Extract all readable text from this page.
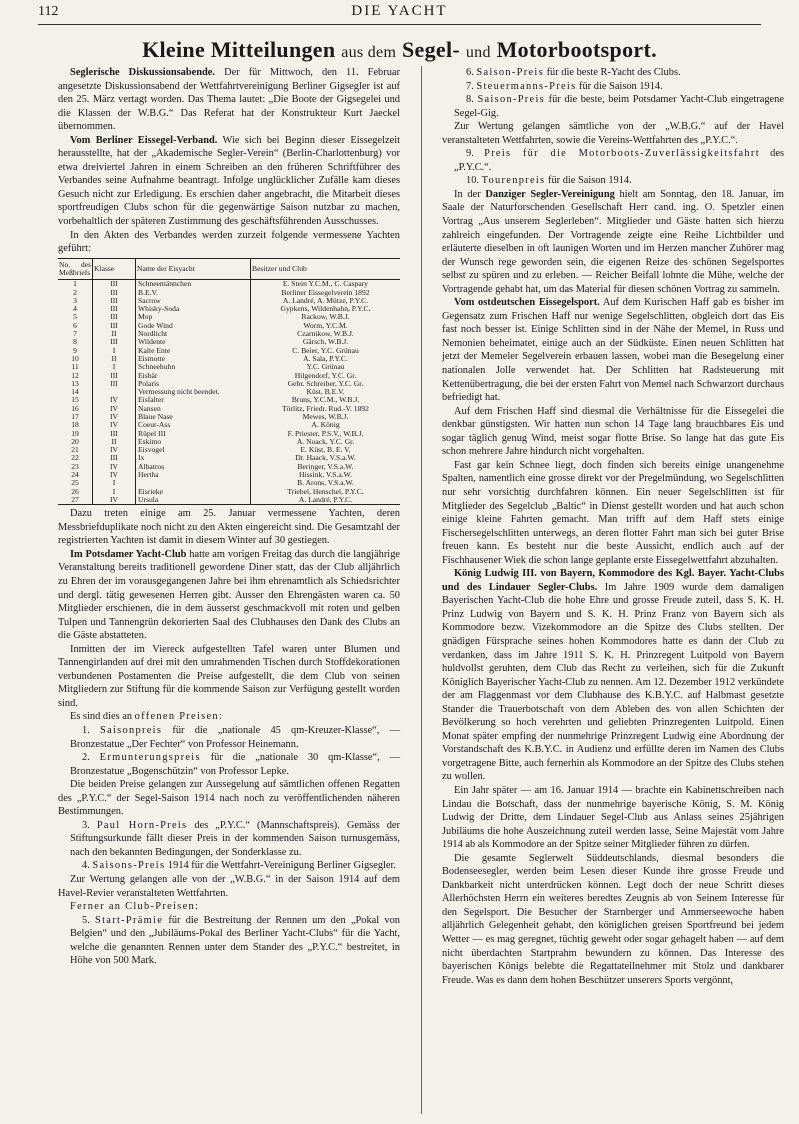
112	DIE YACHT
Kleine Mitteilungen aus dem Segel- und Motorbootsport.

Seglerische Diskussionsabende. Der für Mittwoch, den 11. Februar angesetzte Diskussionsabend der Wettfahrtvereinigung Berliner Gigsegler ist auf den 25. März vertagt worden. Das Thema lautet: „Die Boote der Gigsegelei und die Klassen der W.B.G.“ Das Referat hat der Konstrukteur Kurt Jaeckel übernommen.

Vom Berliner Eissegel-Verband. Wie sich bei Beginn dieser Eissegelzeit herausstellte, hat der „Akademische Segler-Verein“ (Berlin-Charlottenburg) vor etwa dreiviertel Jahren in einem Schreiben an den früheren Schriftführer des Verbandes seine Aufnahme beantragt. Infolge unglücklicher Zufälle kam dieses Gesuch nicht zur Erledigung. Es erschien daher angebracht, die Mitarbeit dieses sportfreudigen Clubs schon für die gegenwärtige Saison nutzbar zu machen, vorbehaltlich der späteren Zustimmung des geschäftsführenden Ausschusses.

In den Akten des Verbandes werden zurzeit folgende vermessene Yachten geführt:

No. des Meßbriefs	Klasse	Name der Eisyacht	Besitzer und Club
1	III	Schneemännchen	E. Stein Y.C.M., C. Caspary
2	III	B.E.V.	Berliner Eissegelverein 1892
3	III	Sacrow	A. Landré, A. Mütze, P.Y.C.
4	III	Whisky-Soda	Gypkens, Wildenhahn, P.Y.C.
5	III	Mop	Rackow, W.B.J.
6	III	Gode Wind	Worm, Y.C.M.
7	II	Nordlicht	Czarnikow, W.B.J.
8	III	Wildente	Gärsch, W.B.J.
9	I	Kalte Ente	C. Beier, Y.C. Grünau
10	II	Eismotte	A. Sala, P.Y.C.
11	I	Schneehuhn	Y.C. Grünau
12	III	Eisbär	Hilgendorf, Y.C. Gr.
13	III	Polaris	Gebr. Schreiber, Y.C. Gr.
14		Vermessung nicht beendet.	Küst, B.E.V.
15	IV	Eisfalter	Bruns, Y.C.M., W.B.J.
16	IV	Nansen	Törlitz, Friedr. Rud.-V. 1892
17	IV	Blaue Nase	Mewes, W.B.J.
18	IV	Coeur-Ass	A. König
19	III	Rüpel III	F. Priester, P.S.V., W.B.J.
20	II	Eskimo	A. Noack, Y.C. Gr.
21	IV	Eisvogel	E. Küst, B. E. V.
22	III	Ix	Dr. Haack, V.S.a.W.
23	IV	Albatros	Beringer, V.S.a.W.
24	IV	Hertha	Hissink, V.S.a.W.
25	I		B. Arons, V.S.a.W.
26	I	Eisrieke	Triebel, Henschel, P.Y.C.
27	IV	Ursula	A. Landré, P.Y.C.

Dazu treten einige am 25. Januar vermessene Yachten, deren Messbriefduplikate noch nicht zu den Akten eingereicht sind. Die Gesamtzahl der registrierten Yachten ist damit in diesem Winter auf 30 gestiegen.

Im Potsdamer Yacht-Club hatte am vorigen Freitag das durch die langjährige Veranstaltung bereits traditionell gewordene Diner statt, das der Club alljährlich zu Ehren der im vorausgegangenen Jahre bei ihm ehrenamtlich als Schiedsrichter und dergl. tätig gewesenen Herren gibt. Ausser den Ehrengästen waren ca. 50 Mitglieder erschienen, die in dem äusserst geschmackvoll mit roten und gelben Tulpen und Tannengrün dekorierten Saal des Clubhauses den Dank des Clubs an die Gäste abstatteten.

Inmitten der im Viereck aufgestellten Tafel waren unter Blumen und Tannengirlanden auf drei mit den umrahmenden Tischen durch Stoffdekorationen verbundenen Postamenten die Preise aufgestellt, die dem Club von seinen Mitgliedern zur Stiftung für die kommende Saison zur Verfügung gestellt worden sind.

Es sind dies an offenen Preisen:

1. Saisonpreis für die „nationale 45 qm-Kreuzer-Klasse“, — Bronzestatue „Der Fechter“ von Professor Heinemann.

2. Ermunterungspreis für die „nationale 30 qm-Klasse“, — Bronzestatue „Bogenschützin“ von Professor Lepke.

Die beiden Preise gelangen zur Aussegelung auf sämtlichen offenen Regatten des „P.Y.C.“ der Segel-Saison 1914 nach noch zu veröffentlichenden näheren Bestimmungen.

3. Paul Horn-Preis des „P.Y.C.“ (Mannschaftspreis). Gemäss der Stiftungsurkunde fällt dieser Preis in der kommenden Saison turnusgemäss, nach den bekannten Bedingungen, der Sonderklasse zu.

4. Saisons-Preis 1914 für die Wettfahrt-Vereinigung Berliner Gigsegler.

Zur Wertung gelangen alle von der „W.B.G.“ in der Saison 1914 auf dem Havel-Revier veranstalteten Wettfahrten.

Ferner an Club-Preisen:

5. Start-Prämie für die Bestreitung der Rennen um den „Pokal von Belgien“ und den „Jubiläums-Pokal des Berliner Yacht-Clubs“ für die Yacht, welche die genannten Rennen unter dem Stander des „P.Y.C.“ bestreitet, in Höhe von 500 Mark.

6. Saison-Preis für die beste R-Yacht des Clubs.

7. Steuermanns-Preis für die Saison 1914.

8. Saison-Preis für die beste, beim Potsdamer Yacht-Club eingetragene Segel-Gig.

Zur Wertung gelangen sämtliche von der „W.B.G.“ auf der Havel veranstalteten Wettfahrten, sowie die Vereins-Wettfahrten des „P.Y.C.“.

9. Preis für die Motorboots-Zuverlässigkeitsfahrt des „P.Y.C.“.

10. Tourenpreis für die Saison 1914.

In der Danziger Segler-Vereinigung hielt am Sonntag, den 18. Januar, im Saale der Naturforschenden Gesellschaft Herr cand. ing. O. Spetzler einen Vortrag „Aus unserem Seglerleben“. Mitglieder und Gäste hatten sich hierzu zahlreich eingefunden. Der Vortragende zeigte eine Reihe Lichtbilder und erläuterte dieselben in oft launigen Worten und im Herzen mancher Zuhörer mag der Wunsch rege geworden sein, die eigenen Reize des schönen Segelsportes selbst zu spüren und zu erleben. — Reicher Beifall lohnte die Mühe, welche der Vortragende gehabt hat, um das Material für diesen schönen Vortrag zu sammeln.

Vom ostdeutschen Eissegelsport. Auf dem Kurischen Haff gab es bisher im Gegensatz zum Frischen Haff nur wenige Segelschlitten, obgleich dort das Eis fast noch besser ist. Einige Schlitten sind in der Nähe der Memel, in Russ und Nemonien beheimatet, einige auch an der Südküste. Einen neuen Schlitten hat jetzt der Memeler Segelverein erbauen lassen, wobei man die Besegelung einer nationalen Jolle verwendet hat. Der Schlitten hat Radsteuerung mit Kettenübertragung, die bei der ersten Fahrt von Memel nach Schwarzort durchaus befriedigt hat.

Auf dem Frischen Haff sind diesmal die Verhältnisse für die Eissegelei die denkbar günstigsten. Wir hatten nun schon 14 Tage lang brauchbares Eis und sogar täglich genug Wind, meist sogar flotte Brise. So lange hat das gute Eis schon mehrere Jahre hindurch nicht vorgehalten.

Fast gar kein Schnee liegt, doch finden sich bereits einige unangenehme Spalten, namentlich eine grosse direkt vor der Pregelmündung, wo Segelschlitten nur sehr vorsichtig durchfahren können. Ein neuer Segelschlitten ist für Mitglieder des Segelclub „Baltic“ in Dienst gestellt worden und hat auch schon einige kleine Fahrten gemacht. Man trifft auf dem Haff stets einige Fischersegelschlitten unterwegs, an deren flotter Fahrt man sich bei guter Brise freuen kann. Es besteht nur die beste Aussicht, endlich auch auf der Fischhausener Wiek die schon lange geplante erste Eissegelwettfahrt abzuhalten.

König Ludwig III. von Bayern, Kommodore des Kgl. Bayer. Yacht-Clubs und des Lindauer Segler-Clubs. Im Jahre 1909 wurde dem damaligen Bayerischen Yacht-Club die hohe Ehre und grosse Freude zuteil, dass S. K. H. Prinz Ludwig von Bayern und S. K. H. Prinz Franz von Bayern sich als Kommodore bezw. Vizekommodore an die Spitze des Clubs stellten. Der gnädigen Fürsprache seines hohen Kommodores hatte es dann der Club zu verdanken, dass im Jahre 1911 S. K. H. Prinzregent Luitpold von Bayern huldvollst geruhten, dem Club das Recht zu verleihen, sich für die Zukunft Königlich Bayerischer Yacht-Club zu nennen. Am 12. Dezember 1912 verkündete der am Flaggenmast vor dem Clubhause des K.B.Y.C. auf Halbmast gesetzte Stander die Trauerbotschaft von dem Ableben des von allen Schichten der Bevölkerung so hoch verehrten und geliebten Prinzregenten Luitpold. Einen Monat später empfing der nunmehrige Prinzregent Ludwig eine Abordnung der Vorstandschaft des K.B.Y.C. in Audienz und erfüllte deren im Namen des Clubs vorgetragene Bitte, auch fernerhin als Kommodore an der Spitze des Clubs stehen zu wollen.

Ein Jahr später — am 16. Januar 1914 — brachte ein Kabinettschreiben nach Lindau die Botschaft, dass der nunmehrige bayerische König, S. M. König Ludwig der Dritte, dem Lindauer Segel-Club aus Anlass seines 25jährigen Jubiläums die hohe Auszeichnung zuteil werden lasse, Seine Majestät vom Jahre 1914 ab als Kommodore an der Spitze seiner Mitglieder führen zu dürfen.

Die gesamte Seglerwelt Süddeutschlands, diesmal besonders die Bodenseesegler, werden beim Lesen dieser Kunde ihre grosse Freude und Dankbarkeit nicht unterdrücken können. Legt doch der neue Schritt dieses Allerhöchsten Herrn ein weiteres beredtes Zeugnis ab von Seinem Interesse für den Segelsport. Die Besucher der Starnberger und Ammerseewoche haben alljährlich Gelegenheit gehabt, den königlichen greisen Sportfreund bei jedem Wetter — es mag geregnet, tüchtig geweht oder sogar gehagelt haben — auf dem nicht überdachten Startprahm bewundern zu können. Das Interesse des bayerischen Königs belebte die Regattateilnehmer mit Stolz und dankbarer Freude. Was es dann dem hohen Beschützer unserers Sports vergönnt,
